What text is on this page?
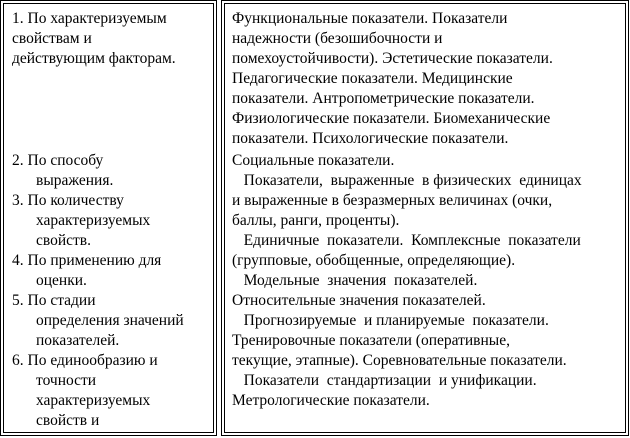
1. По характеризуемым
свойствам и
действующим факторам.
2. По способу
выражения.
3. По количеству
характеризуемых
свойств.
4. По применению для
оценки.
5. По стадии
определения значений
показателей.
6. По единообразию и
точности
характеризуемых
свойств и
Функциональные показатели. Показатели
надежности (безошибочности и
помехоустойчивости). Эстетические показатели.
Педагогические показатели. Медицинские
показатели. Антропометрические показатели.
Физиологические показатели. Биомеханические
показатели. Психологические показатели.
Социальные показатели.
Показатели,  выраженные  в физических  единицах
и выраженные в безразмерных величинах (очки,
баллы, ранги, проценты).
Единичные  показатели.  Комплексные  показатели
(групповые, обобщенные, определяющие).
Модельные  значения  показателей.
Относительные значения показателей.
Прогнозируемые  и планируемые  показатели.
Тренировочные показатели (оперативные,
текущие, этапные). Соревновательные показатели.
Показатели  стандартизации  и унификации.
Метрологические показатели.
